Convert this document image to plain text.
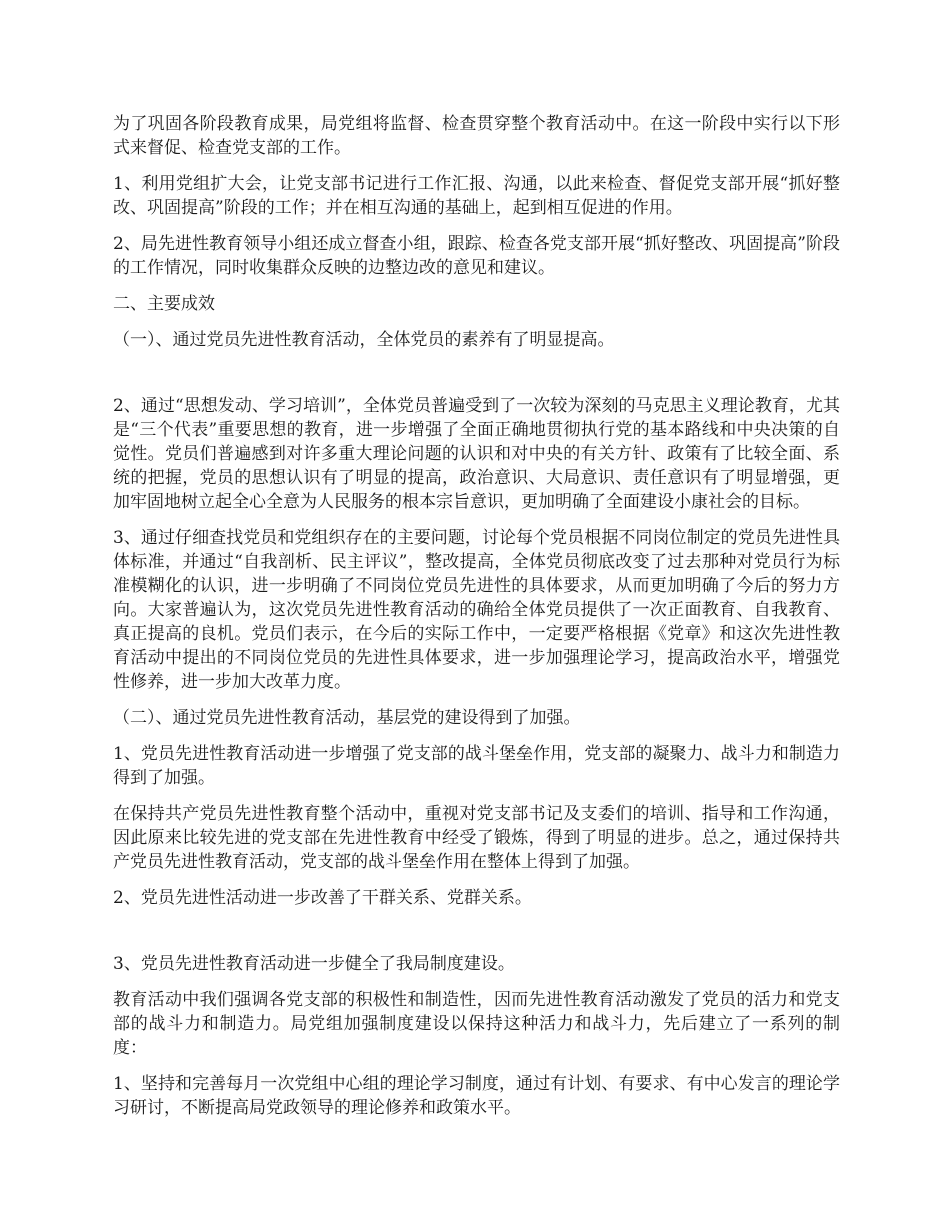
为了巩固各阶段教育成果，局党组将监督、检查贯穿整个教育活动中。在这一阶段中实行以下形式来督促、检查党支部的工作。

1、利用党组扩大会，让党支部书记进行工作汇报、沟通，以此来检查、督促党支部开展“抓好整改、巩固提高”阶段的工作；并在相互沟通的基础上，起到相互促进的作用。

2、局先进性教育领导小组还成立督查小组，跟踪、检查各党支部开展“抓好整改、巩固提高”阶段的工作情况，同时收集群众反映的边整边改的意见和建议。

二、主要成效

（一）、通过党员先进性教育活动，全体党员的素养有了明显提高。

2、通过“思想发动、学习培训”，全体党员普遍受到了一次较为深刻的马克思主义理论教育，尤其是“三个代表”重要思想的教育，进一步增强了全面正确地贯彻执行党的基本路线和中央决策的自觉性。党员们普遍感到对许多重大理论问题的认识和对中央的有关方针、政策有了比较全面、系统的把握，党员的思想认识有了明显的提高，政治意识、大局意识、责任意识有了明显增强，更加牢固地树立起全心全意为人民服务的根本宗旨意识，更加明确了全面建设小康社会的目标。

3、通过仔细查找党员和党组织存在的主要问题，讨论每个党员根据不同岗位制定的党员先进性具体标准，并通过“自我剖析、民主评议”，整改提高，全体党员彻底改变了过去那种对党员行为标准模糊化的认识，进一步明确了不同岗位党员先进性的具体要求，从而更加明确了今后的努力方向。大家普遍认为，这次党员先进性教育活动的确给全体党员提供了一次正面教育、自我教育、真正提高的良机。党员们表示，在今后的实际工作中，一定要严格根据《党章》和这次先进性教育活动中提出的不同岗位党员的先进性具体要求，进一步加强理论学习，提高政治水平，增强党性修养，进一步加大改革力度。

（二）、通过党员先进性教育活动，基层党的建设得到了加强。

1、党员先进性教育活动进一步增强了党支部的战斗堡垒作用，党支部的凝聚力、战斗力和制造力得到了加强。

在保持共产党员先进性教育整个活动中，重视对党支部书记及支委们的培训、指导和工作沟通，因此原来比较先进的党支部在先进性教育中经受了锻炼，得到了明显的进步。总之，通过保持共产党员先进性教育活动，党支部的战斗堡垒作用在整体上得到了加强。

2、党员先进性活动进一步改善了干群关系、党群关系。

3、党员先进性教育活动进一步健全了我局制度建设。

教育活动中我们强调各党支部的积极性和制造性，因而先进性教育活动激发了党员的活力和党支部的战斗力和制造力。局党组加强制度建设以保持这种活力和战斗力，先后建立了一系列的制度：

1、坚持和完善每月一次党组中心组的理论学习制度，通过有计划、有要求、有中心发言的理论学习研讨，不断提高局党政领导的理论修养和政策水平。
